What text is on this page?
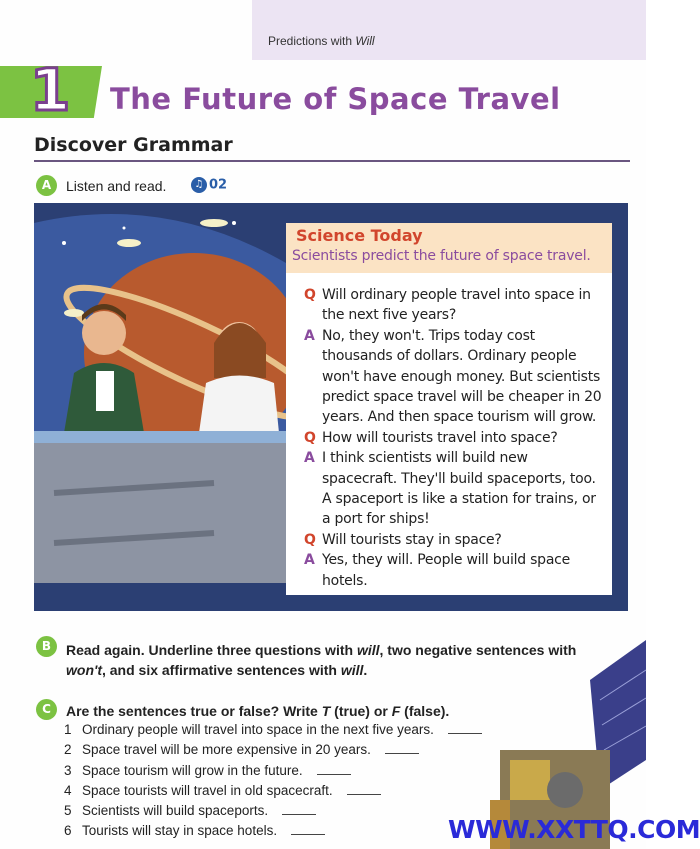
Predictions with Will
1 The Future of Space Travel
Discover Grammar
A	Listen and read.	♫ 02
Science Today
Scientists predict the future of space travel.
Q Will ordinary people travel into space in the next five years?
A No, they won't. Trips today cost thousands of dollars. Ordinary people won't have enough money. But scientists predict space travel will be cheaper in 20 years. And then space tourism will grow.
Q How will tourists travel into space?
A I think scientists will build new spacecraft. They'll build spaceports, too. A spaceport is like a station for trains, or a port for ships!
Q Will tourists stay in space?
A Yes, they will. People will build space hotels.
B	Read again. Underline three questions with will, two negative sentences with
won't, and six affirmative sentences with will.
C	Are the sentences true or false? Write T (true) or F (false).
1 Ordinary people will travel into space in the next five years.
2 Space travel will be more expensive in 20 years.
3 Space tourism will grow in the future.
4 Space tourists will travel in old spacecraft.
5 Scientists will build spaceports.
6 Tourists will stay in space hotels.	WWW.XXTTQ.COM
